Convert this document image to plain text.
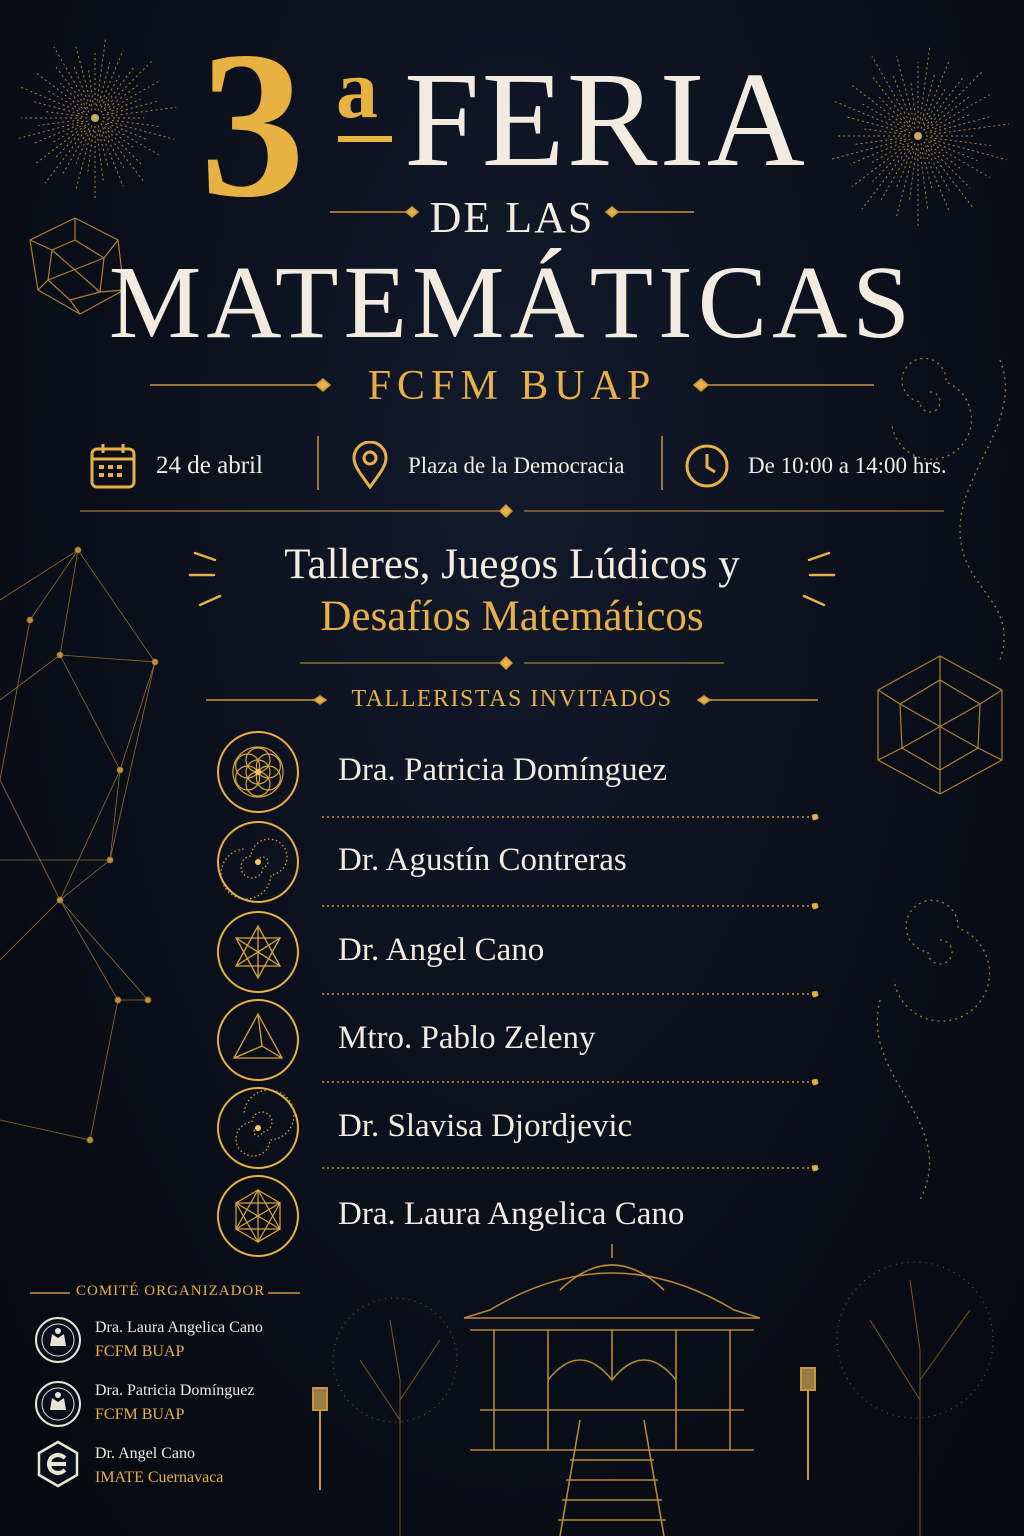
3 a FERIA
DE LAS
MATEMÁTICAS
FCFM BUAP
24 de abril	Plaza de la Democracia	De 10:00 a 14:00 hrs.
Talleres, Juegos Lúdicos y
Desafíos Matemáticos
TALLERISTAS INVITADOS
Dra. Patricia Domínguez
Dr. Agustín Contreras
Dr. Angel Cano
Mtro. Pablo Zeleny
Dr. Slavisa Djordjevic
Dra. Laura Angelica Cano
COMITÉ ORGANIZADOR
Dra. Laura Angelica Cano
FCFM BUAP
Dra. Patricia Domínguez
FCFM BUAP
Dr. Angel Cano
IMATE Cuernavaca
